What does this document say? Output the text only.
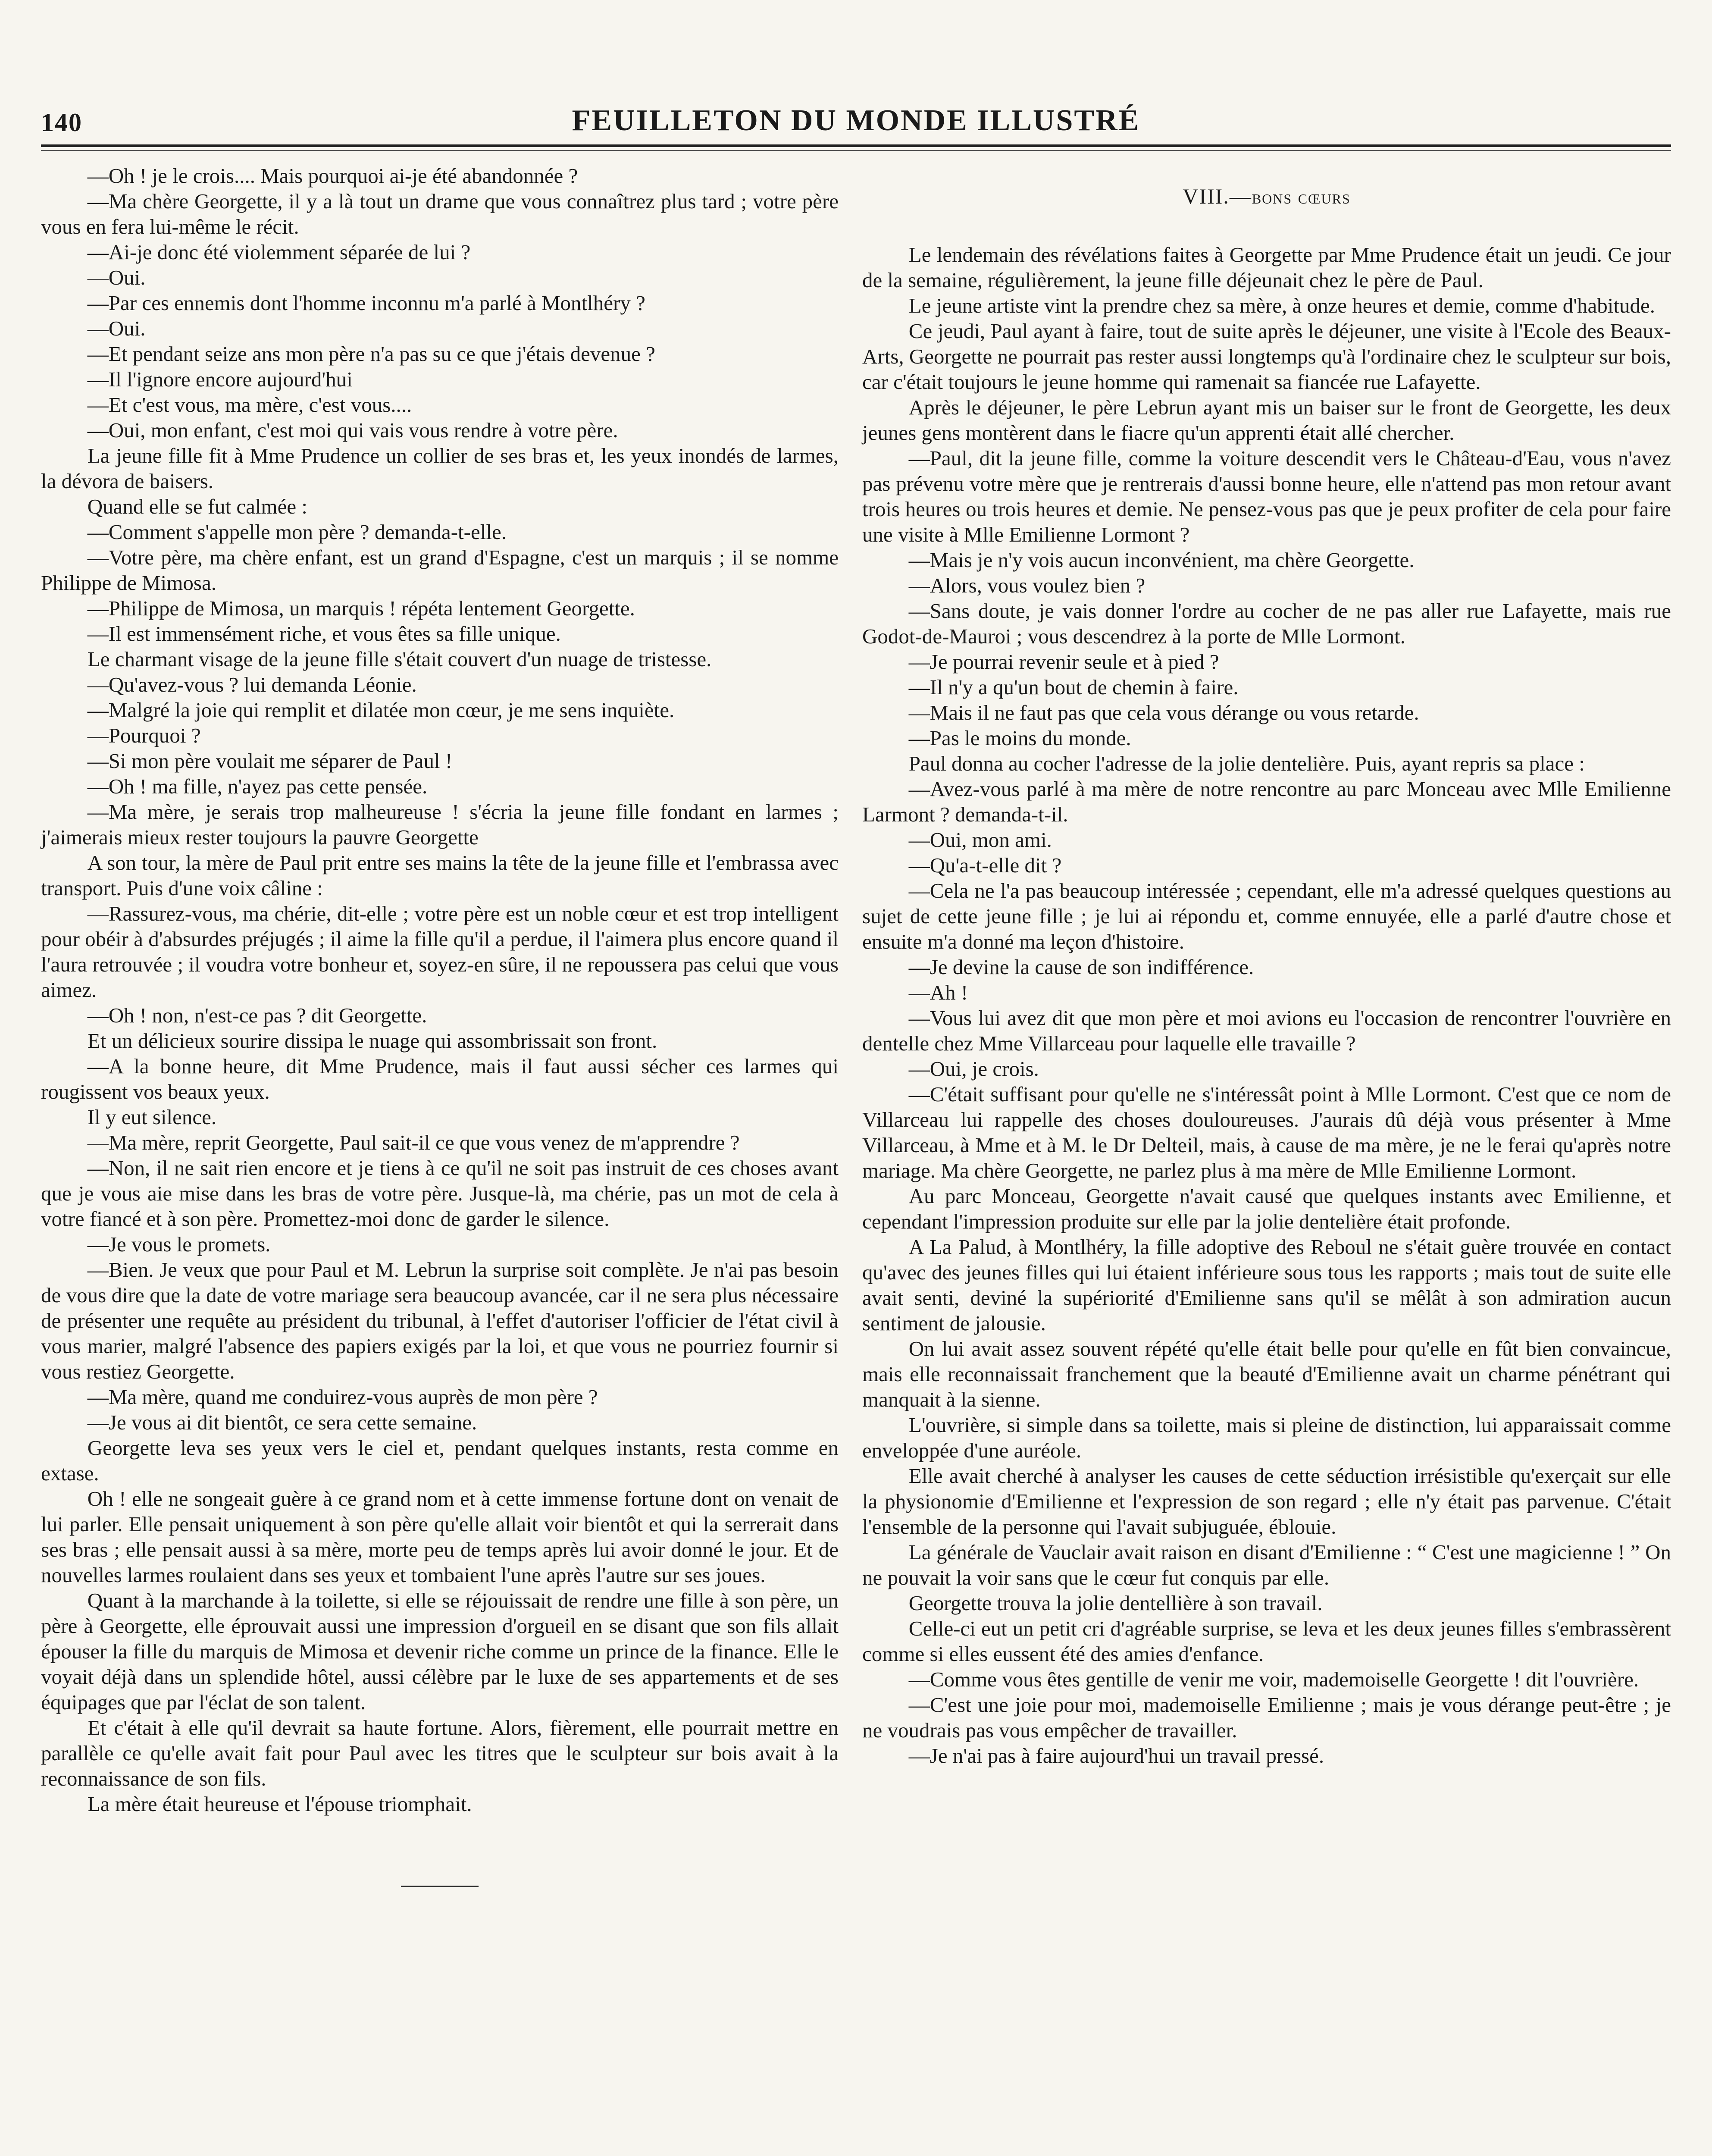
140	FEUILLETON DU MONDE ILLUSTRÉ

—Oh ! je le crois.... Mais pourquoi ai-je été abandonnée ?

—Ma chère Georgette, il y a là tout un drame que vous connaîtrez plus tard ; votre père vous en fera lui-même le récit.

—Ai-je donc été violemment séparée de lui ?

—Oui.

—Par ces ennemis dont l'homme inconnu m'a parlé à Montlhéry ?

—Oui.

—Et pendant seize ans mon père n'a pas su ce que j'étais devenue ?

—Il l'ignore encore aujourd'hui

—Et c'est vous, ma mère, c'est vous....

—Oui, mon enfant, c'est moi qui vais vous rendre à votre père.

La jeune fille fit à Mme Prudence un collier de ses bras et, les yeux inondés de larmes, la dévora de baisers.

Quand elle se fut calmée :

—Comment s'appelle mon père ? demanda-t-elle.

—Votre père, ma chère enfant, est un grand d'Espagne, c'est un marquis ; il se nomme Philippe de Mimosa.

—Philippe de Mimosa, un marquis ! répéta lentement Georgette.

—Il est immensément riche, et vous êtes sa fille unique.

Le charmant visage de la jeune fille s'était couvert d'un nuage de tristesse.

—Qu'avez-vous ? lui demanda Léonie.

—Malgré la joie qui remplit et dilatée mon cœur, je me sens inquiète.

—Pourquoi ?

—Si mon père voulait me séparer de Paul !

—Oh ! ma fille, n'ayez pas cette pensée.

—Ma mère, je serais trop malheureuse ! s'écria la jeune fille fondant en larmes ; j'aimerais mieux rester toujours la pauvre Georgette

A son tour, la mère de Paul prit entre ses mains la tête de la jeune fille et l'embrassa avec transport. Puis d'une voix câline :

—Rassurez-vous, ma chérie, dit-elle ; votre père est un noble cœur et est trop intelligent pour obéir à d'absurdes préjugés ; il aime la fille qu'il a perdue, il l'aimera plus encore quand il l'aura retrouvée ; il voudra votre bonheur et, soyez-en sûre, il ne repoussera pas celui que vous aimez.

—Oh ! non, n'est-ce pas ? dit Georgette.

Et un délicieux sourire dissipa le nuage qui assombrissait son front.

—A la bonne heure, dit Mme Prudence, mais il faut aussi sécher ces larmes qui rougissent vos beaux yeux.

Il y eut silence.

—Ma mère, reprit Georgette, Paul sait-il ce que vous venez de m'apprendre ?

—Non, il ne sait rien encore et je tiens à ce qu'il ne soit pas instruit de ces choses avant que je vous aie mise dans les bras de votre père. Jusque-là, ma chérie, pas un mot de cela à votre fiancé et à son père. Promettez-moi donc de garder le silence.

—Je vous le promets.

—Bien. Je veux que pour Paul et M. Lebrun la surprise soit complète. Je n'ai pas besoin de vous dire que la date de votre mariage sera beaucoup avancée, car il ne sera plus nécessaire de présenter une requête au président du tribunal, à l'effet d'autoriser l'officier de l'état civil à vous marier, malgré l'absence des papiers exigés par la loi, et que vous ne pourriez fournir si vous restiez Georgette.

—Ma mère, quand me conduirez-vous auprès de mon père ?

—Je vous ai dit bientôt, ce sera cette semaine.

Georgette leva ses yeux vers le ciel et, pendant quelques instants, resta comme en extase.

Oh ! elle ne songeait guère à ce grand nom et à cette immense fortune dont on venait de lui parler. Elle pensait uniquement à son père qu'elle allait voir bientôt et qui la serrerait dans ses bras ; elle pensait aussi à sa mère, morte peu de temps après lui avoir donné le jour. Et de nouvelles larmes roulaient dans ses yeux et tombaient l'une après l'autre sur ses joues.

Quant à la marchande à la toilette, si elle se réjouissait de rendre une fille à son père, un père à Georgette, elle éprouvait aussi une impression d'orgueil en se disant que son fils allait épouser la fille du marquis de Mimosa et devenir riche comme un prince de la finance. Elle le voyait déjà dans un splendide hôtel, aussi célèbre par le luxe de ses appartements et de ses équipages que par l'éclat de son talent.

Et c'était à elle qu'il devrait sa haute fortune. Alors, fièrement, elle pourrait mettre en parallèle ce qu'elle avait fait pour Paul avec les titres que le sculpteur sur bois avait à la reconnaissance de son fils.

La mère était heureuse et l'épouse triomphait.

VIII.—bons cœurs

Le lendemain des révélations faites à Georgette par Mme Prudence était un jeudi. Ce jour de la semaine, régulièrement, la jeune fille déjeunait chez le père de Paul.

Le jeune artiste vint la prendre chez sa mère, à onze heures et demie, comme d'habitude.

Ce jeudi, Paul ayant à faire, tout de suite après le déjeuner, une visite à l'Ecole des Beaux-Arts, Georgette ne pourrait pas rester aussi longtemps qu'à l'ordinaire chez le sculpteur sur bois, car c'était toujours le jeune homme qui ramenait sa fiancée rue Lafayette.

Après le déjeuner, le père Lebrun ayant mis un baiser sur le front de Georgette, les deux jeunes gens montèrent dans le fiacre qu'un apprenti était allé chercher.

—Paul, dit la jeune fille, comme la voiture descendit vers le Château-d'Eau, vous n'avez pas prévenu votre mère que je rentrerais d'aussi bonne heure, elle n'attend pas mon retour avant trois heures ou trois heures et demie. Ne pensez-vous pas que je peux profiter de cela pour faire une visite à Mlle Emilienne Lormont ?

—Mais je n'y vois aucun inconvénient, ma chère Georgette.

—Alors, vous voulez bien ?

—Sans doute, je vais donner l'ordre au cocher de ne pas aller rue Lafayette, mais rue Godot-de-Mauroi ; vous descendrez à la porte de Mlle Lormont.

—Je pourrai revenir seule et à pied ?

—Il n'y a qu'un bout de chemin à faire.

—Mais il ne faut pas que cela vous dérange ou vous retarde.

—Pas le moins du monde.

Paul donna au cocher l'adresse de la jolie dentelière. Puis, ayant repris sa place :

—Avez-vous parlé à ma mère de notre rencontre au parc Monceau avec Mlle Emilienne Larmont ? demanda-t-il.

—Oui, mon ami.

—Qu'a-t-elle dit ?

—Cela ne l'a pas beaucoup intéressée ; cependant, elle m'a adressé quelques questions au sujet de cette jeune fille ; je lui ai répondu et, comme ennuyée, elle a parlé d'autre chose et ensuite m'a donné ma leçon d'histoire.

—Je devine la cause de son indifférence.

—Ah !

—Vous lui avez dit que mon père et moi avions eu l'occasion de rencontrer l'ouvrière en dentelle chez Mme Villarceau pour laquelle elle travaille ?

—Oui, je crois.

—C'était suffisant pour qu'elle ne s'intéressât point à Mlle Lormont. C'est que ce nom de Villarceau lui rappelle des choses douloureuses. J'aurais dû déjà vous présenter à Mme Villarceau, à Mme et à M. le Dr Delteil, mais, à cause de ma mère, je ne le ferai qu'après notre mariage. Ma chère Georgette, ne parlez plus à ma mère de Mlle Emilienne Lormont.

Au parc Monceau, Georgette n'avait causé que quelques instants avec Emilienne, et cependant l'impression produite sur elle par la jolie dentelière était profonde.

A La Palud, à Montlhéry, la fille adoptive des Reboul ne s'était guère trouvée en contact qu'avec des jeunes filles qui lui étaient inférieure sous tous les rapports ; mais tout de suite elle avait senti, deviné la supériorité d'Emilienne sans qu'il se mêlât à son admiration aucun sentiment de jalousie.

On lui avait assez souvent répété qu'elle était belle pour qu'elle en fût bien convaincue, mais elle reconnaissait franchement que la beauté d'Emilienne avait un charme pénétrant qui manquait à la sienne.

L'ouvrière, si simple dans sa toilette, mais si pleine de distinction, lui apparaissait comme enveloppée d'une auréole.

Elle avait cherché à analyser les causes de cette séduction irrésistible qu'exerçait sur elle la physionomie d'Emilienne et l'expression de son regard ; elle n'y était pas parvenue. C'était l'ensemble de la personne qui l'avait subjuguée, éblouie.

La générale de Vauclair avait raison en disant d'Emilienne : “ C'est une magicienne ! ” On ne pouvait la voir sans que le cœur fut conquis par elle.

Georgette trouva la jolie dentellière à son travail.

Celle-ci eut un petit cri d'agréable surprise, se leva et les deux jeunes filles s'embrassèrent comme si elles eussent été des amies d'enfance.

—Comme vous êtes gentille de venir me voir, mademoiselle Georgette ! dit l'ouvrière.

—C'est une joie pour moi, mademoiselle Emilienne ; mais je vous dérange peut-être ; je ne voudrais pas vous empêcher de travailler.

—Je n'ai pas à faire aujourd'hui un travail pressé.
